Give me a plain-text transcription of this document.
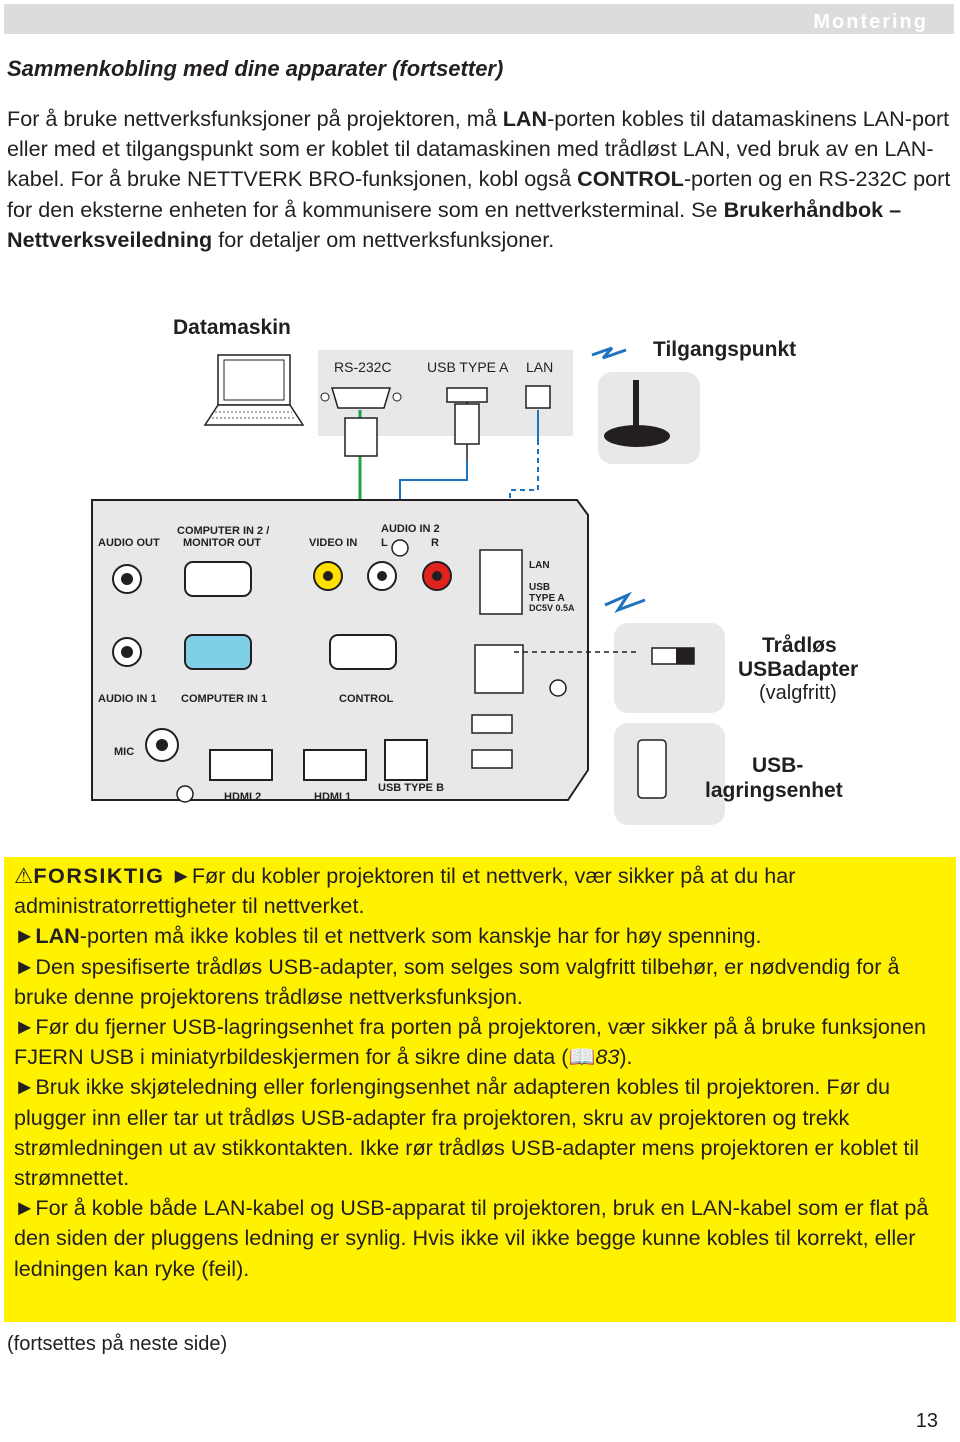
Montering
Sammenkobling med dine apparater (fortsetter)
For å bruke nettverksfunksjoner på projektoren, må LAN-porten kobles til datamaskinens LAN-port eller med et tilgangspunkt som er koblet til datamaskinen med trådløst LAN, ved bruk av en LAN-kabel. For å bruke NETTVERK BRO-funksjonen, kobl også CONTROL-porten og en RS-232C port for den eksterne enheten for å kommunisere som en nettverksterminal. Se Brukerhåndbok – Nettverksveiledning for detaljer om nettverksfunksjoner.
Datamaskin
RS-232C	USB TYPE A LAN
Tilgangspunkt
AUDIO OUT
COMPUTER IN 2 /
MONITOR OUT	VIDEO IN
AUDIO IN 2
L	R
LAN
USB
TYPE A
DC5V 0.5A
AUDIO IN 1 COMPUTER IN 1	CONTROL
MIC
HDMI 2	HDMI 1
USB TYPE B
Trådløs
USBadapter
(valgfritt)
USB-
lagringsenhet
⚠FORSIKTIG ►Før du kobler projektoren til et nettverk, vær sikker på at du har administratorrettigheter til nettverket.
►LAN-porten må ikke kobles til et nettverk som kanskje har for høy spenning.
►Den spesifiserte trådløs USB-adapter, som selges som valgfritt tilbehør, er nødvendig for å bruke denne projektorens trådløse nettverksfunksjon.
►Før du fjerner USB-lagringsenhet fra porten på projektoren, vær sikker på å bruke funksjonen FJERN USB i miniatyrbildeskjermen for å sikre dine data (📖83).
►Bruk ikke skjøteledning eller forlengingsenhet når adapteren kobles til projektoren. Før du plugger inn eller tar ut trådløs USB-adapter fra projektoren, skru av projektoren og trekk strømledningen ut av stikkontakten. Ikke rør trådløs USB-adapter mens projektoren er koblet til strømnettet.
►For å koble både LAN-kabel og USB-apparat til projektoren, bruk en LAN-kabel som er flat på den siden der pluggens ledning er synlig. Hvis ikke vil ikke begge kunne kobles til korrekt, eller ledningen kan ryke (feil).
(fortsettes på neste side)
13
